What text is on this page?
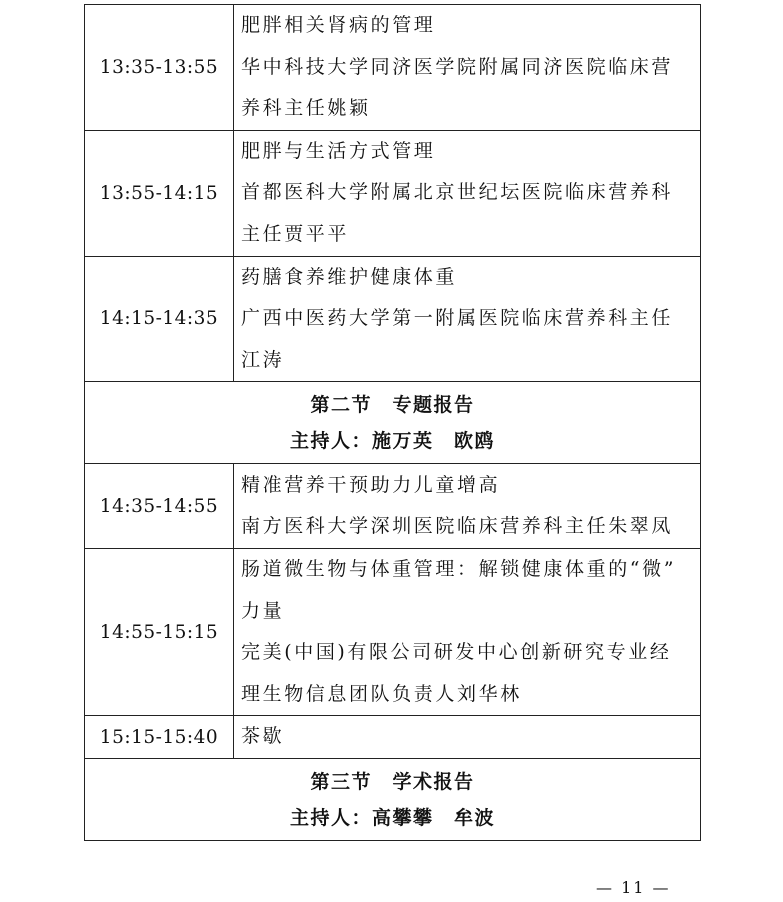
13:35-13:55	肥胖相关肾病的管理
华中科技大学同济医学院附属同济医院临床营
养科主任姚颖

13:55-14:15	肥胖与生活方式管理
首都医科大学附属北京世纪坛医院临床营养科
主任贾平平

14:15-14:35	药膳食养维护健康体重
广西中医药大学第一附属医院临床营养科主任
江涛

第二节　专题报告
主持人：施万英　欧鸥	

14:35-14:55	精准营养干预助力儿童增高
南方医科大学深圳医院临床营养科主任朱翠凤

14:55-15:15	肠道微生物与体重管理：解锁健康体重的“微”
力量
完美(中国)有限公司研发中心创新研究专业经
理生物信息团队负责人刘华林

15:15-15:40	茶歇

第三节　学术报告
主持人：高攀攀　牟波	
— 11 —
